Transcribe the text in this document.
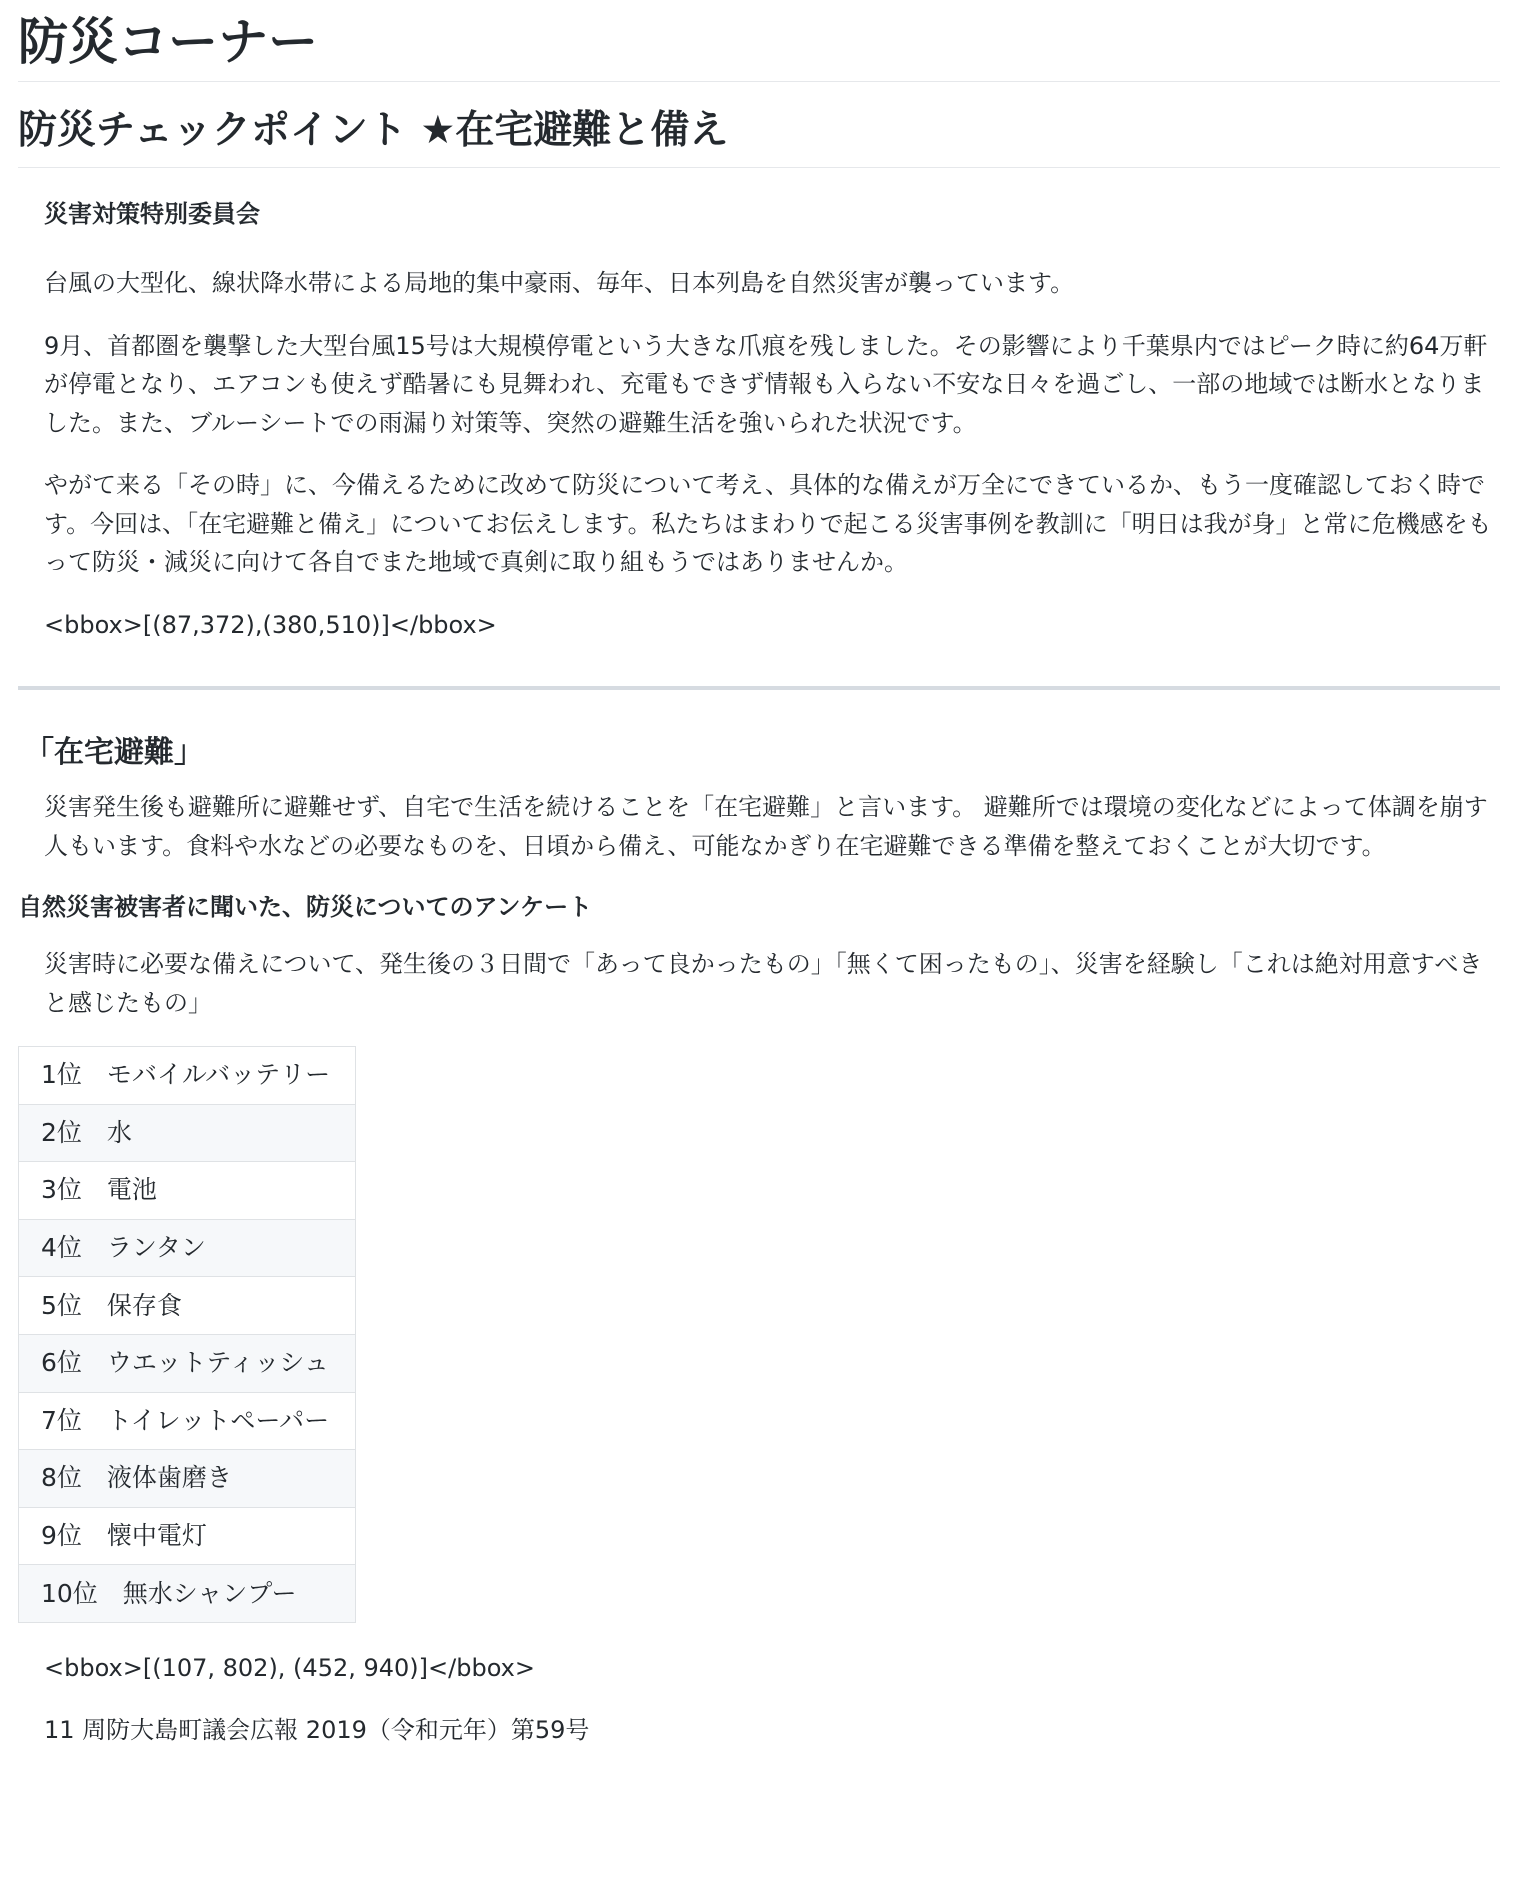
防災コーナー
防災チェックポイント ★在宅避難と備え
災害対策特別委員会

台風の大型化、線状降水帯による局地的集中豪雨、毎年、日本列島を自然災害が襲っています。

9月、首都圏を襲撃した大型台風15号は大規模停電という大きな爪痕を残しました。その影響により千葉県内ではピーク時に約64万軒が停電となり、エアコンも使えず酷暑にも見舞われ、充電もできず情報も入らない不安な日々を過ごし、一部の地域では断水となりました。また、ブルーシートでの雨漏り対策等、突然の避難生活を強いられた状況です。

やがて来る「その時」に、今備えるために改めて防災について考え、具体的な備えが万全にできているか、もう一度確認しておく時です。今回は、「在宅避難と備え」についてお伝えします。私たちはまわりで起こる災害事例を教訓に「明日は我が身」と常に危機感をもって防災・減災に向けて各自でまた地域で真剣に取り組もうではありませんか。

<bbox>[(87,372),(380,510)]</bbox>

「在宅避難」

災害発生後も避難所に避難せず、自宅で生活を続けることを「在宅避難」と言います。 避難所では環境の変化などによって体調を崩す人もいます。食料や水などの必要なものを、日頃から備え、可能なかぎり在宅避難できる準備を整えておくことが大切です。

自然災害被害者に聞いた、防災についてのアンケート

災害時に必要な備えについて、発生後の３日間で「あって良かったもの」「無くて困ったもの」、災害を経験し「これは絶対用意すべきと感じたもの」

1位　モバイルバッテリー
2位　水
3位　電池
4位　ランタン
5位　保存食
6位　ウエットティッシュ
7位　トイレットペーパー
8位　液体歯磨き
9位　懐中電灯
10位　無水シャンプー

<bbox>[(107, 802), (452, 940)]</bbox>

11 周防大島町議会広報 2019（令和元年）第59号
